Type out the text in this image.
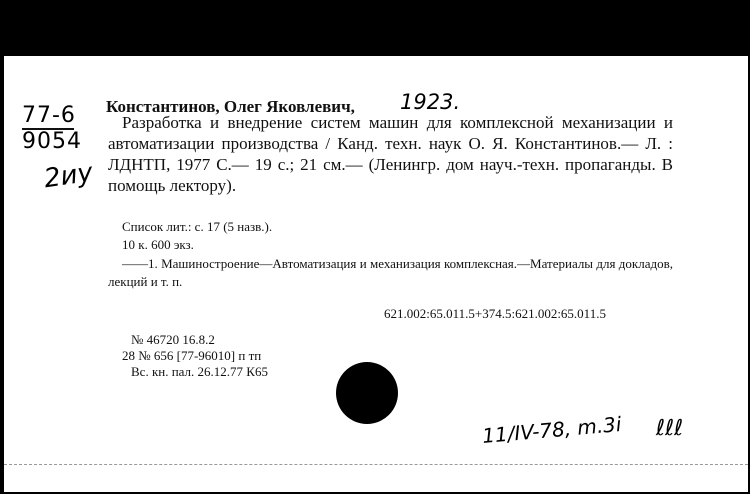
77-6
9054
2иу
Константинов, Олег Яковлевич, 1923.

Разработка и внедрение систем машин для комплексной механизации и автоматизации производства / Канд. техн. наук О. Я. Константинов.— Л. : ЛДНТП, 1977 С.— 19 с.; 21 см.— (Ленингр. дом науч.-техн. пропаганды. В помощь лектору).

Список лит.: с. 17 (5 назв.).
10 к. 600 экз.

——1. Машиностроение—Автоматизация и механизация комплексная.—Материалы для докладов, лекций и т. п.

621.002:65.011.5+374.5:621.002:65.011.5
№ 46720 16.8.2
28 № 656 [77-96010] п тп
Вс. кн. пал. 26.12.77 К65
11/IV-78, m.3i ℓℓℓ
